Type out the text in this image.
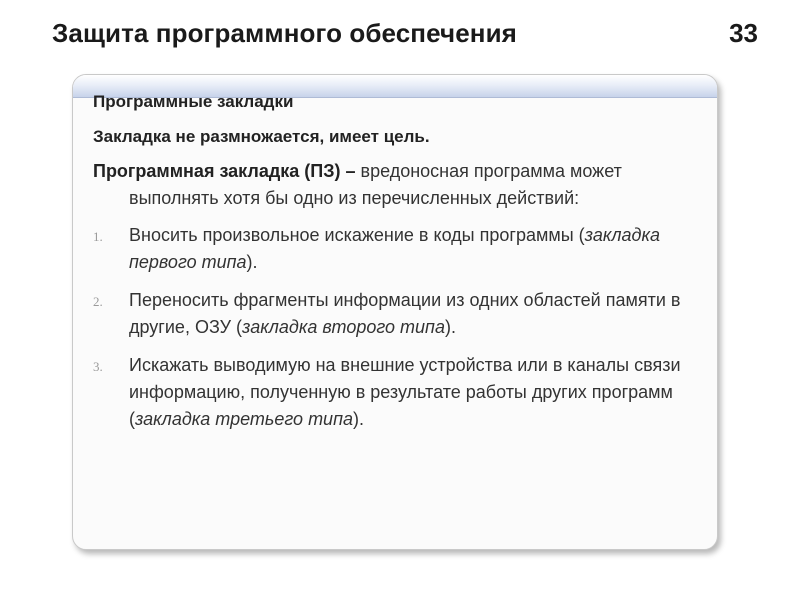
Защита программного обеспечения	33
Программные закладки
Закладка не размножается, имеет цель.
Программная закладка (ПЗ) – вредоносная программа может выполнять хотя бы одно из перечисленных действий:
1. Вносить произвольное искажение в коды программы (закладка первого типа).
2. Переносить фрагменты информации из одних областей памяти в другие, ОЗУ (закладка второго типа).
3. Искажать выводимую на внешние устройства или в каналы связи информацию, полученную в результате работы других программ (закладка третьего типа).
